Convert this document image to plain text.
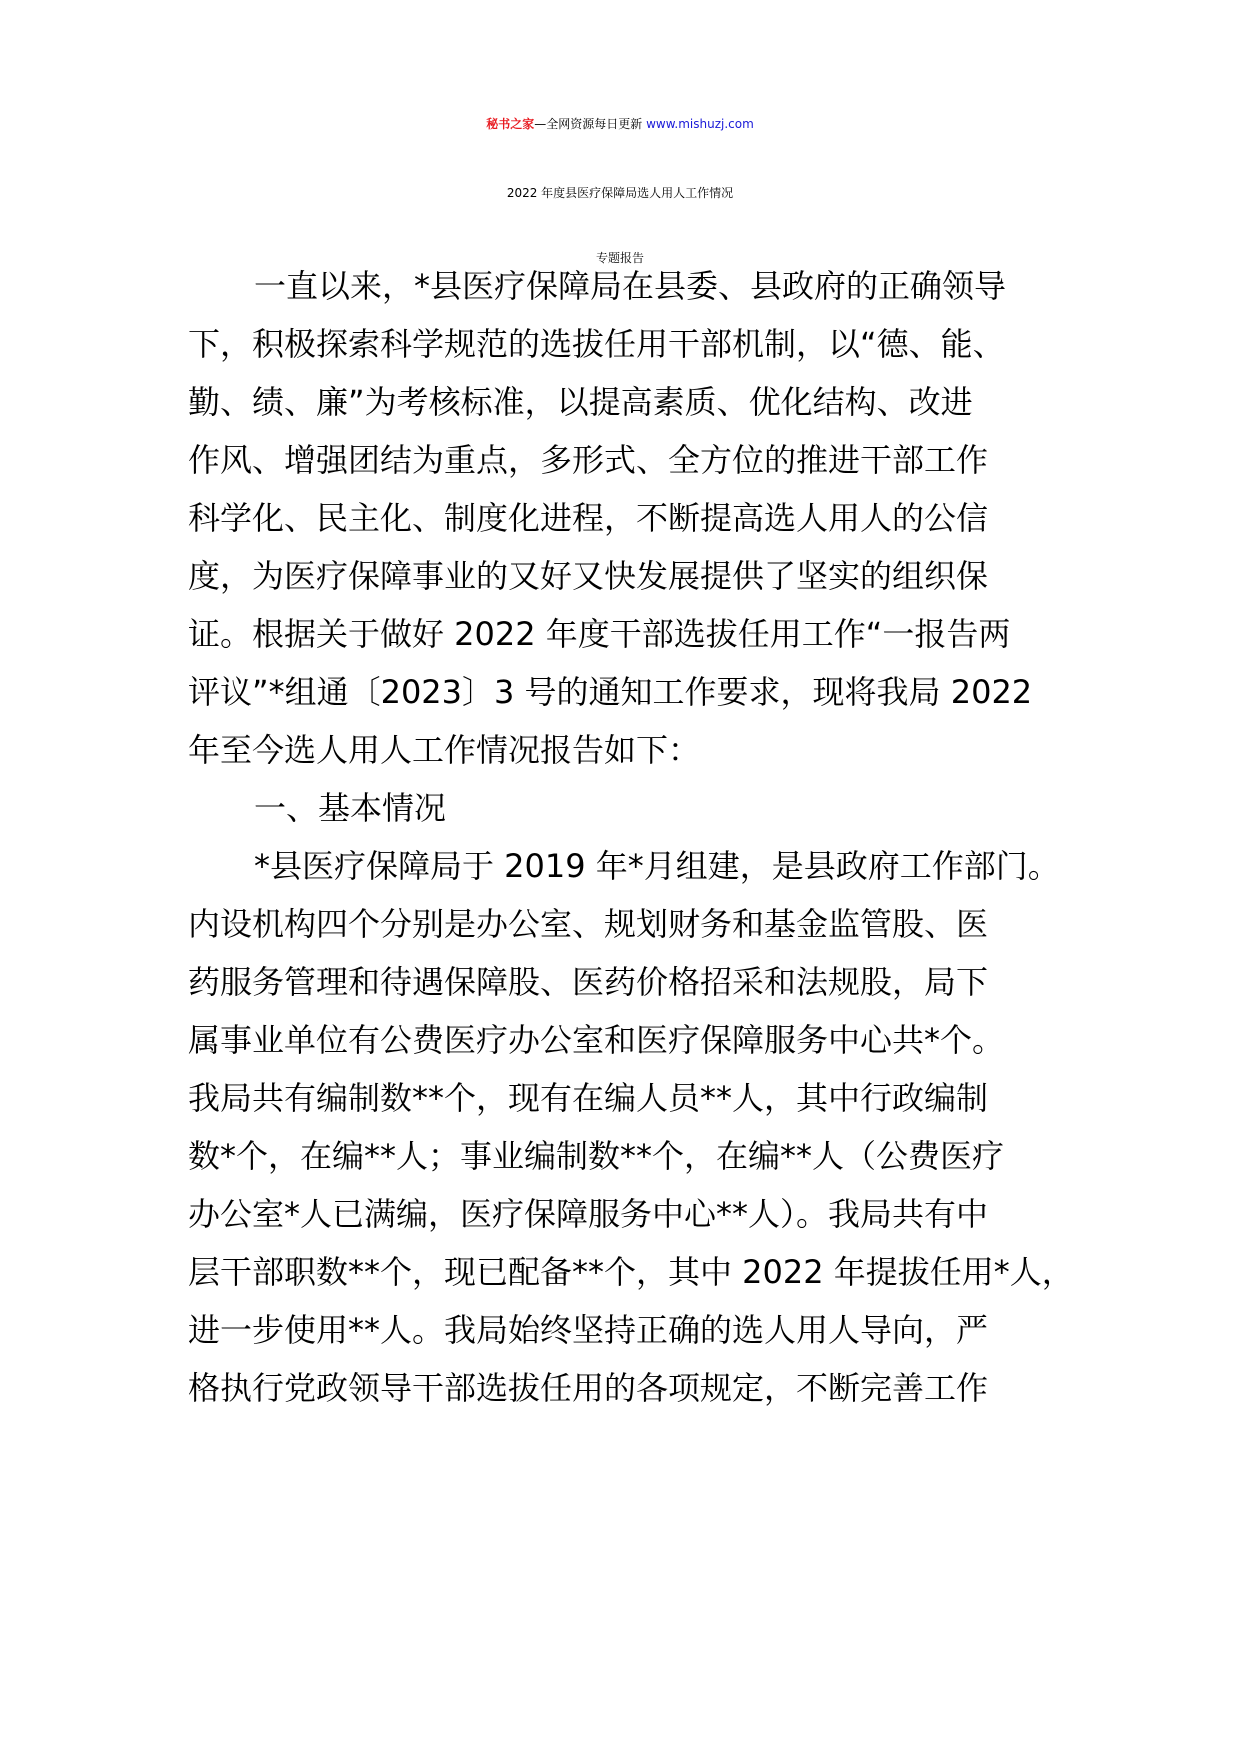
秘书之家—全网资源每日更新 www.mishuzj.com
2022 年度县医疗保障局选人用人工作情况
专题报告
一直以来，*县医疗保障局在县委、县政府的正确领导
下，积极探索科学规范的选拔任用干部机制，以“德、能、
勤、绩、廉”为考核标准，以提高素质、优化结构、改进
作风、增强团结为重点，多形式、全方位的推进干部工作
科学化、民主化、制度化进程，不断提高选人用人的公信
度，为医疗保障事业的又好又快发展提供了坚实的组织保
证。根据关于做好 2022 年度干部选拔任用工作“一报告两
评议”*组通〔2023〕3 号的通知工作要求，现将我局 2022
年至今选人用人工作情况报告如下：
一、基本情况
*县医疗保障局于 2019 年*月组建，是县政府工作部门。
内设机构四个分别是办公室、规划财务和基金监管股、医
药服务管理和待遇保障股、医药价格招采和法规股，局下
属事业单位有公费医疗办公室和医疗保障服务中心共*个。
我局共有编制数**个，现有在编人员**人，其中行政编制
数*个，在编**人；事业编制数**个，在编**人（公费医疗
办公室*人已满编，医疗保障服务中心**人）。我局共有中
层干部职数**个，现已配备**个，其中 2022 年提拔任用*人，
进一步使用**人。我局始终坚持正确的选人用人导向，严
格执行党政领导干部选拔任用的各项规定，不断完善工作
